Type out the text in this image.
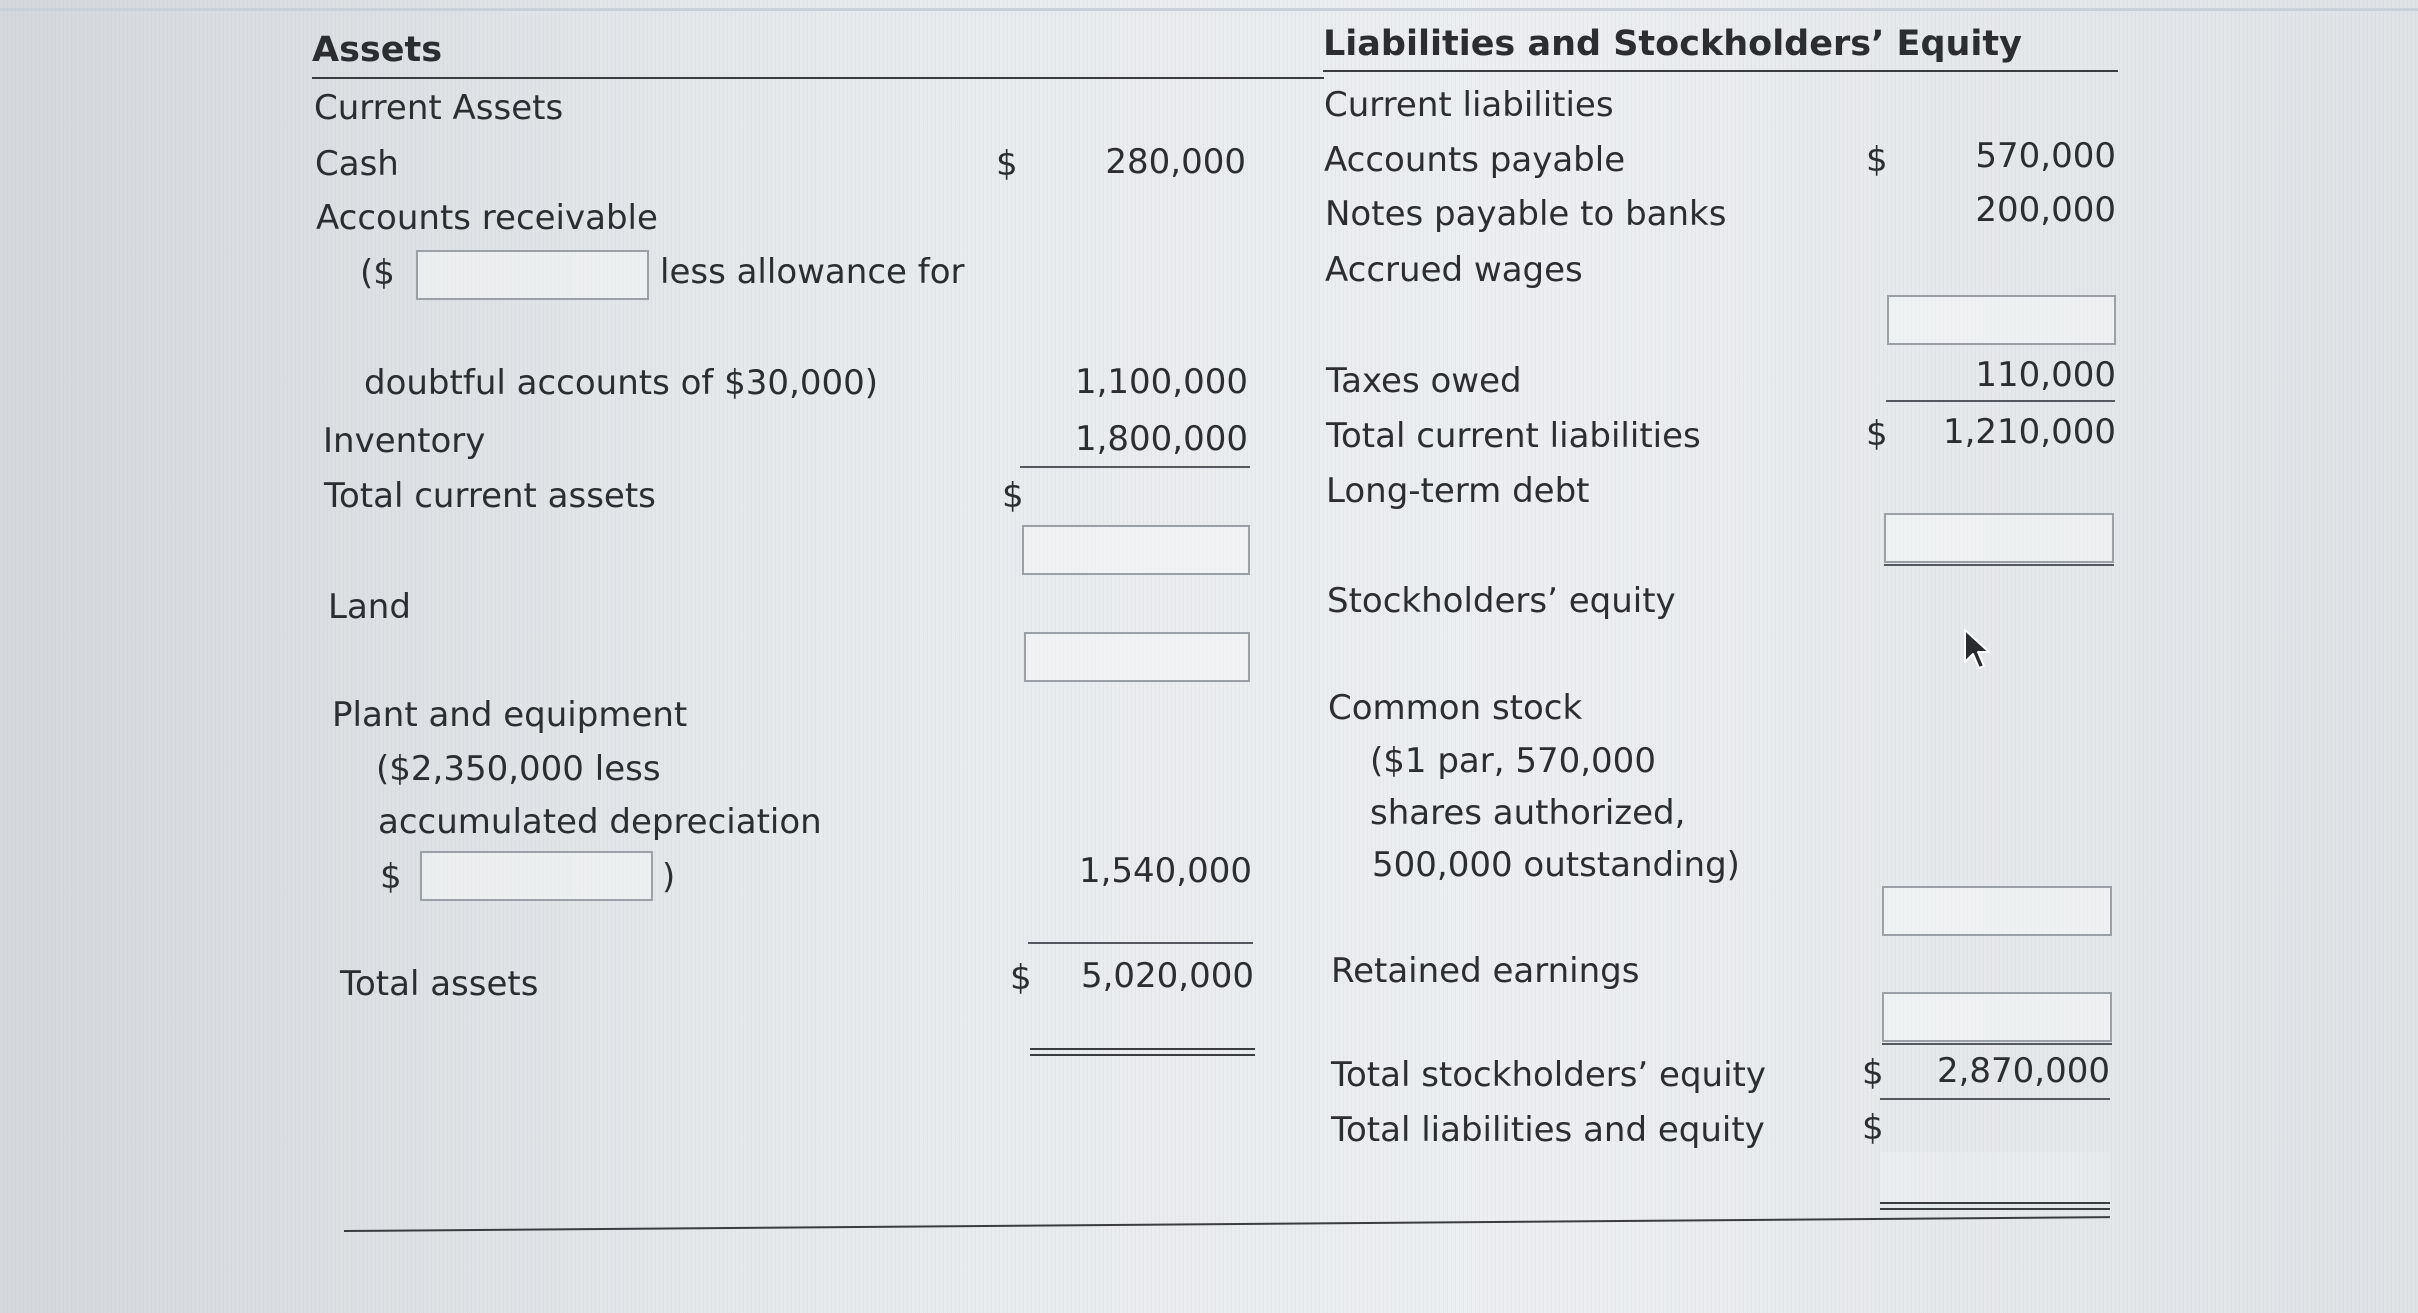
Assets
Current Assets
Cash	$	280,000
Accounts receivable
($	less allowance for
doubtful accounts of $30,000)	1,100,000
Inventory	1,800,000
Total current assets	$
Land
Plant and equipment
($2,350,000 less
accumulated depreciation
$	)	1,540,000
Total assets	$	5,020,000
Liabilities and Stockholders’ Equity
Current liabilities
Accounts payable	$	570,000
Notes payable to banks	200,000
Accrued wages
Taxes owed	110,000
Total current liabilities	$	1,210,000
Long-term debt
Stockholders’ equity
Common stock
($1 par, 570,000
shares authorized,
500,000 outstanding)
Retained earnings
Total stockholders’ equity	$	2,870,000
Total liabilities and equity	$
